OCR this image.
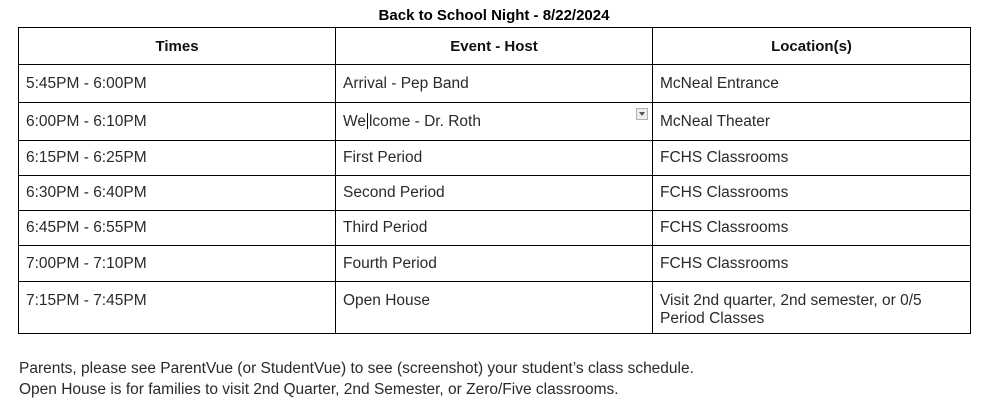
Back to School Night - 8/22/2024
Times	Event - Host	Location(s)
5:45PM - 6:00PM	Arrival - Pep Band	McNeal Entrance
6:00PM - 6:10PM	We lcome - Dr. Roth	McNeal Theater
6:15PM - 6:25PM	First Period	FCHS Classrooms
6:30PM - 6:40PM	Second Period	FCHS Classrooms
6:45PM - 6:55PM	Third Period	FCHS Classrooms
7:00PM - 7:10PM	Fourth Period	FCHS Classrooms
7:15PM - 7:45PM	Open House	Visit 2nd quarter, 2nd semester, or 0/5
Period Classes
Parents, please see ParentVue (or StudentVue) to see (screenshot) your student’s class schedule.
Open House is for families to visit 2nd Quarter, 2nd Semester, or Zero/Five classrooms.
